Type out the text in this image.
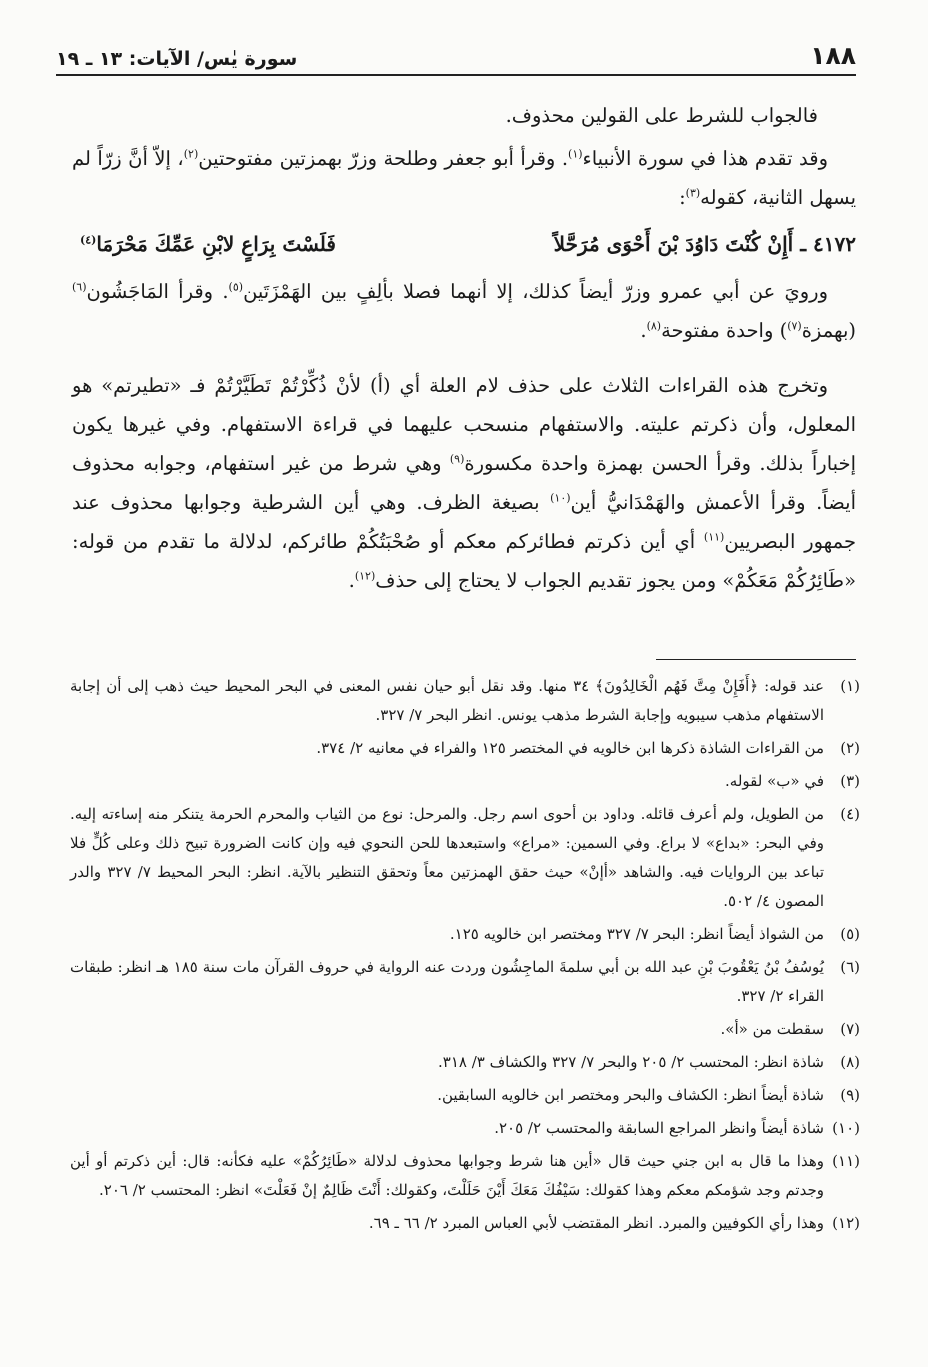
١٨٨
سورة يٰس/ الآيات: ١٣ ـ ١٩

فالجواب للشرط على القولين محذوف.

وقد تقدم هذا في سورة الأنبياء$^{(١)}$. وقرأ أبو جعفر وطلحة وزرّ بهمزتين مفتوحتين$^{(٢)}$، إلاّ أنَّ زرّاً لم يسهل الثانية، كقوله$^{(٣)}$:

٤١٧٢ ـ أَإِنْ كُنْتَ دَاوُدَ بْنَ أَحْوَى مُرَحَّلاً
فَلَسْتَ بِرَاعٍ لابْنِ عَمِّكَ مَحْرَمَا$^{(٤)}$

ورويَ عن أبي عمرو وزرّ أيضاً كذلك، إلا أنهما فصلا بألِفٍ بين الهَمْزَتَين$^{(٥)}$. وقرأ المَاجَشُون$^{(٦)}$ (بهمزة$^{(٧)}$) واحدة مفتوحة$^{(٨)}$.

وتخرج هذه القراءات الثلاث على حذف لام العلة أي (أ) لأنْ ذُكِّرْتُمْ تَطَيَّرْتُمْ فـ «تطيرتم» هو المعلول، وأن ذكرتم عليته. والاستفهام منسحب عليهما في قراءة الاستفهام. وفي غيرها يكون إخباراً بذلك. وقرأ الحسن بهمزة واحدة مكسورة$^{(٩)}$ وهي شرط من غير استفهام، وجوابه محذوف أيضاً. وقرأ الأعمش والهَمْدَانيُّ أين$^{(١٠)}$ بصيغة الظرف. وهي أين الشرطية وجوابها محذوف عند جمهور البصريين$^{(١١)}$ أي أين ذكرتم فطائركم معكم أو صُحْبَتُكُمْ طائركم، لدلالة ما تقدم من قوله: «طَائِرُكُمْ مَعَكُمْ» ومن يجوز تقديم الجواب لا يحتاج إلى حذف$^{(١٢)}$.

(١)
عند قوله: ﴿أَفَإِنْ مِتَّ فَهُم الْخَالِدُونَ﴾ ٣٤ منها. وقد نقل أبو حيان نفس المعنى في البحر المحيط حيث ذهب إلى أن إجابة الاستفهام مذهب سيبويه وإجابة الشرط مذهب يونس. انظر البحر ٧/ ٣٢٧.
(٢)
من القراءات الشاذة ذكرها ابن خالويه في المختصر ١٢٥ والفراء في معانيه ٢/ ٣٧٤.
(٣)
في «ب» لقوله.
(٤)
من الطويل، ولم أعرف قائله. وداود بن أحوى اسم رجل. والمرحل: نوع من الثياب والمحرم الحرمة يتنكر منه إساءته إليه. وفي البحر: «بداع» لا براع. وفي السمين: «مراع» واستبعدها للحن النحوي فيه وإن كانت الضرورة تبيح ذلك وعلى كُلٍّ فلا تباعد بين الروايات فيه. والشاهد «أإنْ» حيث حقق الهمزتين معاً وتحقق التنظير بالآية. انظر: البحر المحيط ٧/ ٣٢٧ والدر المصون ٤/ ٥٠٢.
(٥)
من الشواذ أيضاً انظر: البحر ٧/ ٣٢٧ ومختصر ابن خالويه ١٢٥.
(٦)
يُوسُفُ بْنُ يَعْقُوبَ بْنِ عبد الله بن أبي سلمةَ الماجِشُون وردت عنه الرواية في حروف القرآن مات سنة ١٨٥ هـ انظر: طبقات القراء ٢/ ٣٢٧.
(٧)
سقطت من «أ».
(٨)
شاذة انظر: المحتسب ٢/ ٢٠٥ والبحر ٧/ ٣٢٧ والكشاف ٣/ ٣١٨.
(٩)
شاذة أيضاً انظر: الكشاف والبحر ومختصر ابن خالويه السابقين.
(١٠)
شاذة أيضاً وانظر المراجع السابقة والمحتسب ٢/ ٢٠٥.
(١١)
وهذا ما قال به ابن جني حيث قال «أين هنا شرط وجوابها محذوف لدلالة «طَائِرُكُمْ» عليه فكأنه: قال: أين ذكرتم أو أين وجدتم وجد شؤمكم معكم وهذا كقولك: سَيْفُكَ مَعَكَ أَيْنَ حَلَلْتَ، وكقولك: أَنْتَ ظَالِمٌ إنْ فَعَلْتَ» انظر: المحتسب ٢/ ٢٠٦.
(١٢)
وهذا رأي الكوفيين والمبرد. انظر المقتضب لأبي العباس المبرد ٢/ ٦٦ ـ ٦٩.
